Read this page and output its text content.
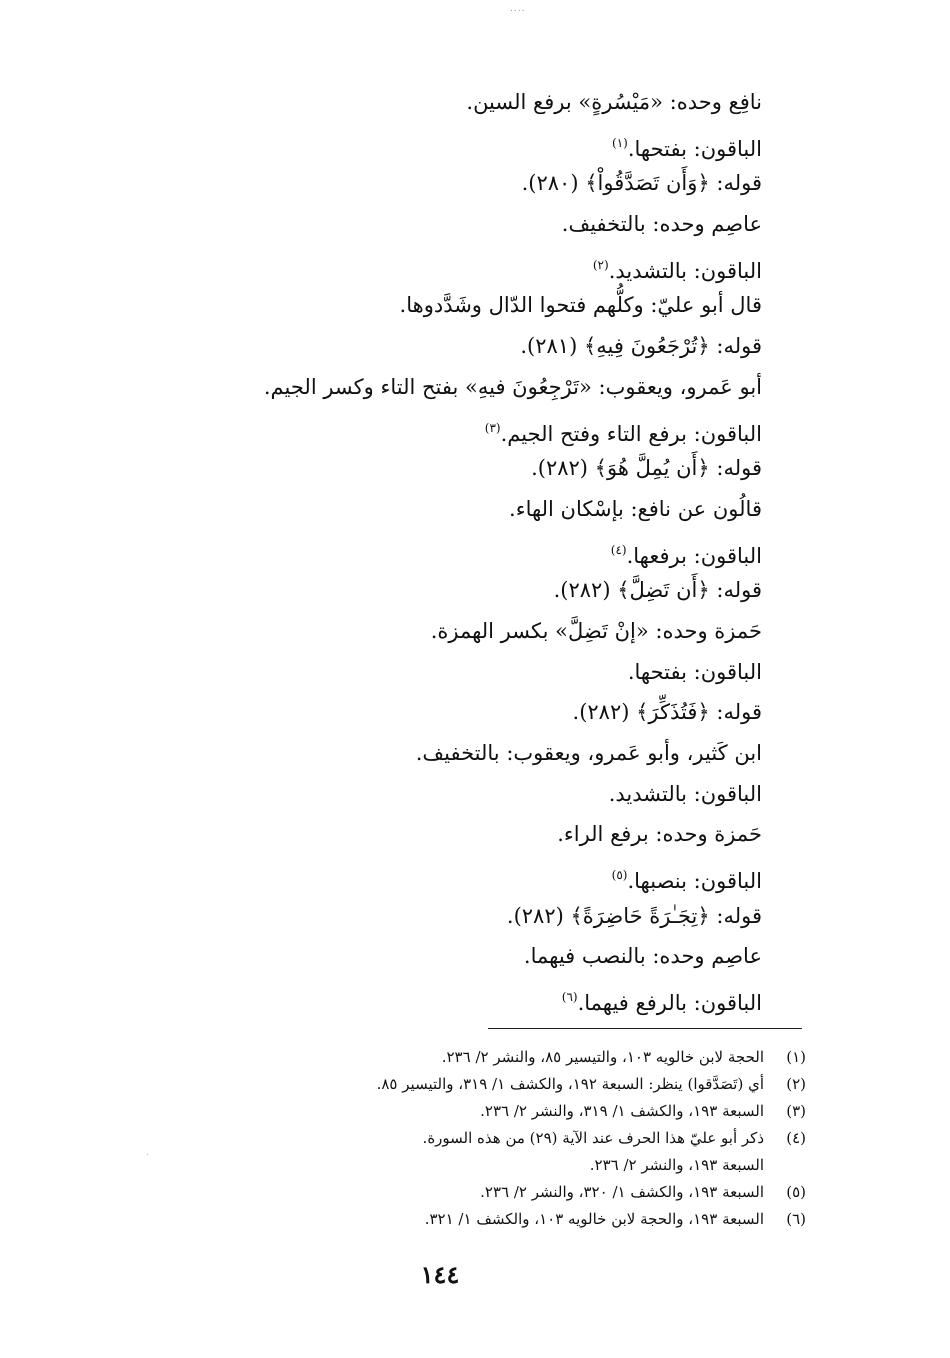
....
نافِع وحده: «مَيْسُرةٍ» برفع السين.
الباقون: بفتحها.$^{(١)}$
قوله: ﴿وَأَن تَصَدَّقُواْ﴾ (٢٨٠).
عاصِم وحده: بالتخفيف.
الباقون: بالتشديد.$^{(٢)}$
قال أبو عليّ: وكلُّهم فتحوا الدّال وشَدَّدوها.
قوله: ﴿تُرْجَعُونَ فِيهِ﴾ (٢٨١).
أبو عَمرو، ويعقوب: «تَرْجِعُونَ فيهِ» بفتح التاء وكسر الجيم.
الباقون: برفع التاء وفتح الجيم.$^{(٣)}$
قوله: ﴿أَن يُمِلَّ هُوَ﴾ (٢٨٢).
قالُون عن نافع: بإسْكان الهاء.
الباقون: برفعها.$^{(٤)}$
قوله: ﴿أَن تَضِلَّ﴾ (٢٨٢).
حَمزة وحده: «إنْ تَضِلَّ» بكسر الهمزة.
الباقون: بفتحها.
قوله: ﴿فَتُذَكِّرَ﴾ (٢٨٢).
ابن كَثير، وأبو عَمرو، ويعقوب: بالتخفيف.
الباقون: بالتشديد.
حَمزة وحده: برفع الراء.
الباقون: بنصبها.$^{(٥)}$
قوله: ﴿تِجَـٰرَةً حَاضِرَةً﴾ (٢٨٢).
عاصِم وحده: بالنصب فيهما.
الباقون: بالرفع فيهما.$^{(٦)}$
(١)
الحجة لابن خالويه ١٠٣، والتيسير ٨٥، والنشر ٢/ ٢٣٦.
(٢)
أي (تَصَدَّقوا) ينظر: السبعة ١٩٢، والكشف ١/ ٣١٩، والتيسير ٨٥.
(٣)
السبعة ١٩٣، والكشف ١/ ٣١٩، والنشر ٢/ ٢٣٦.
(٤)
ذكر أبو عليّ هذا الحرف عند الآية (٢٩) من هذه السورة.
السبعة ١٩٣، والنشر ٢/ ٢٣٦.
(٥)
السبعة ١٩٣، والكشف ١/ ٣٢٠، والنشر ٢/ ٢٣٦.
(٦)
السبعة ١٩٣، والحجة لابن خالويه ١٠٣، والكشف ١/ ٣٢١.
·
١٤٤
